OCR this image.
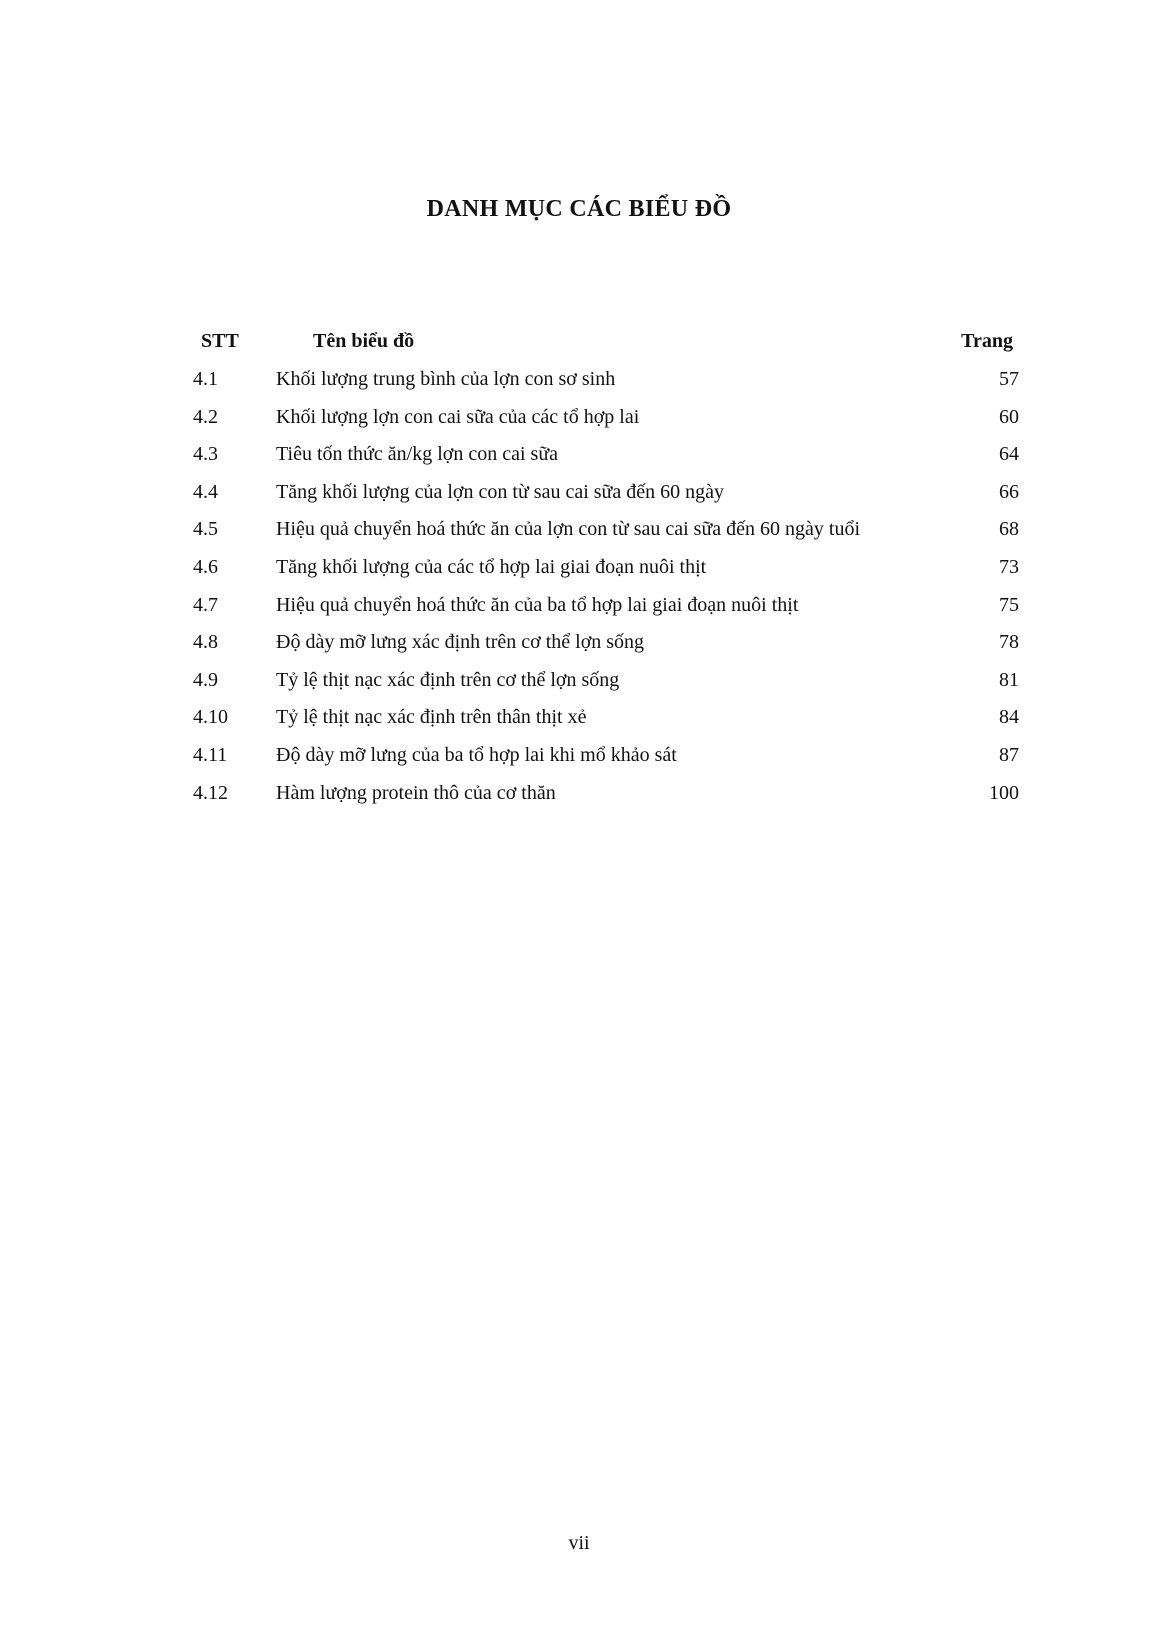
DANH MỤC CÁC BIỂU ĐỒ
STT	Tên biểu đồ	Trang
4.1	Khối lượng trung bình của lợn con sơ sinh	57
4.2	Khối lượng lợn con cai sữa của các tổ hợp lai	60
4.3	Tiêu tốn thức ăn/kg lợn con cai sữa	64
4.4	Tăng khối lượng của lợn con từ sau cai sữa đến 60 ngày	66
4.5	Hiệu quả chuyển hoá thức ăn của lợn con từ sau cai sữa đến 60 ngày tuổi	68
4.6	Tăng khối lượng của các tổ hợp lai giai đoạn nuôi thịt	73
4.7	Hiệu quả chuyển hoá thức ăn của ba tổ hợp lai giai đoạn nuôi thịt	75
4.8	Độ dày mỡ lưng xác định trên cơ thể lợn sống	78
4.9	Tỷ lệ thịt nạc xác định trên cơ thể lợn sống	81
4.10 Tỷ lệ thịt nạc xác định trên thân thịt xẻ	84
4.11 Độ dày mỡ lưng của ba tổ hợp lai khi mổ khảo sát	87
4.12 Hàm lượng protein thô của cơ thăn	100
vii
